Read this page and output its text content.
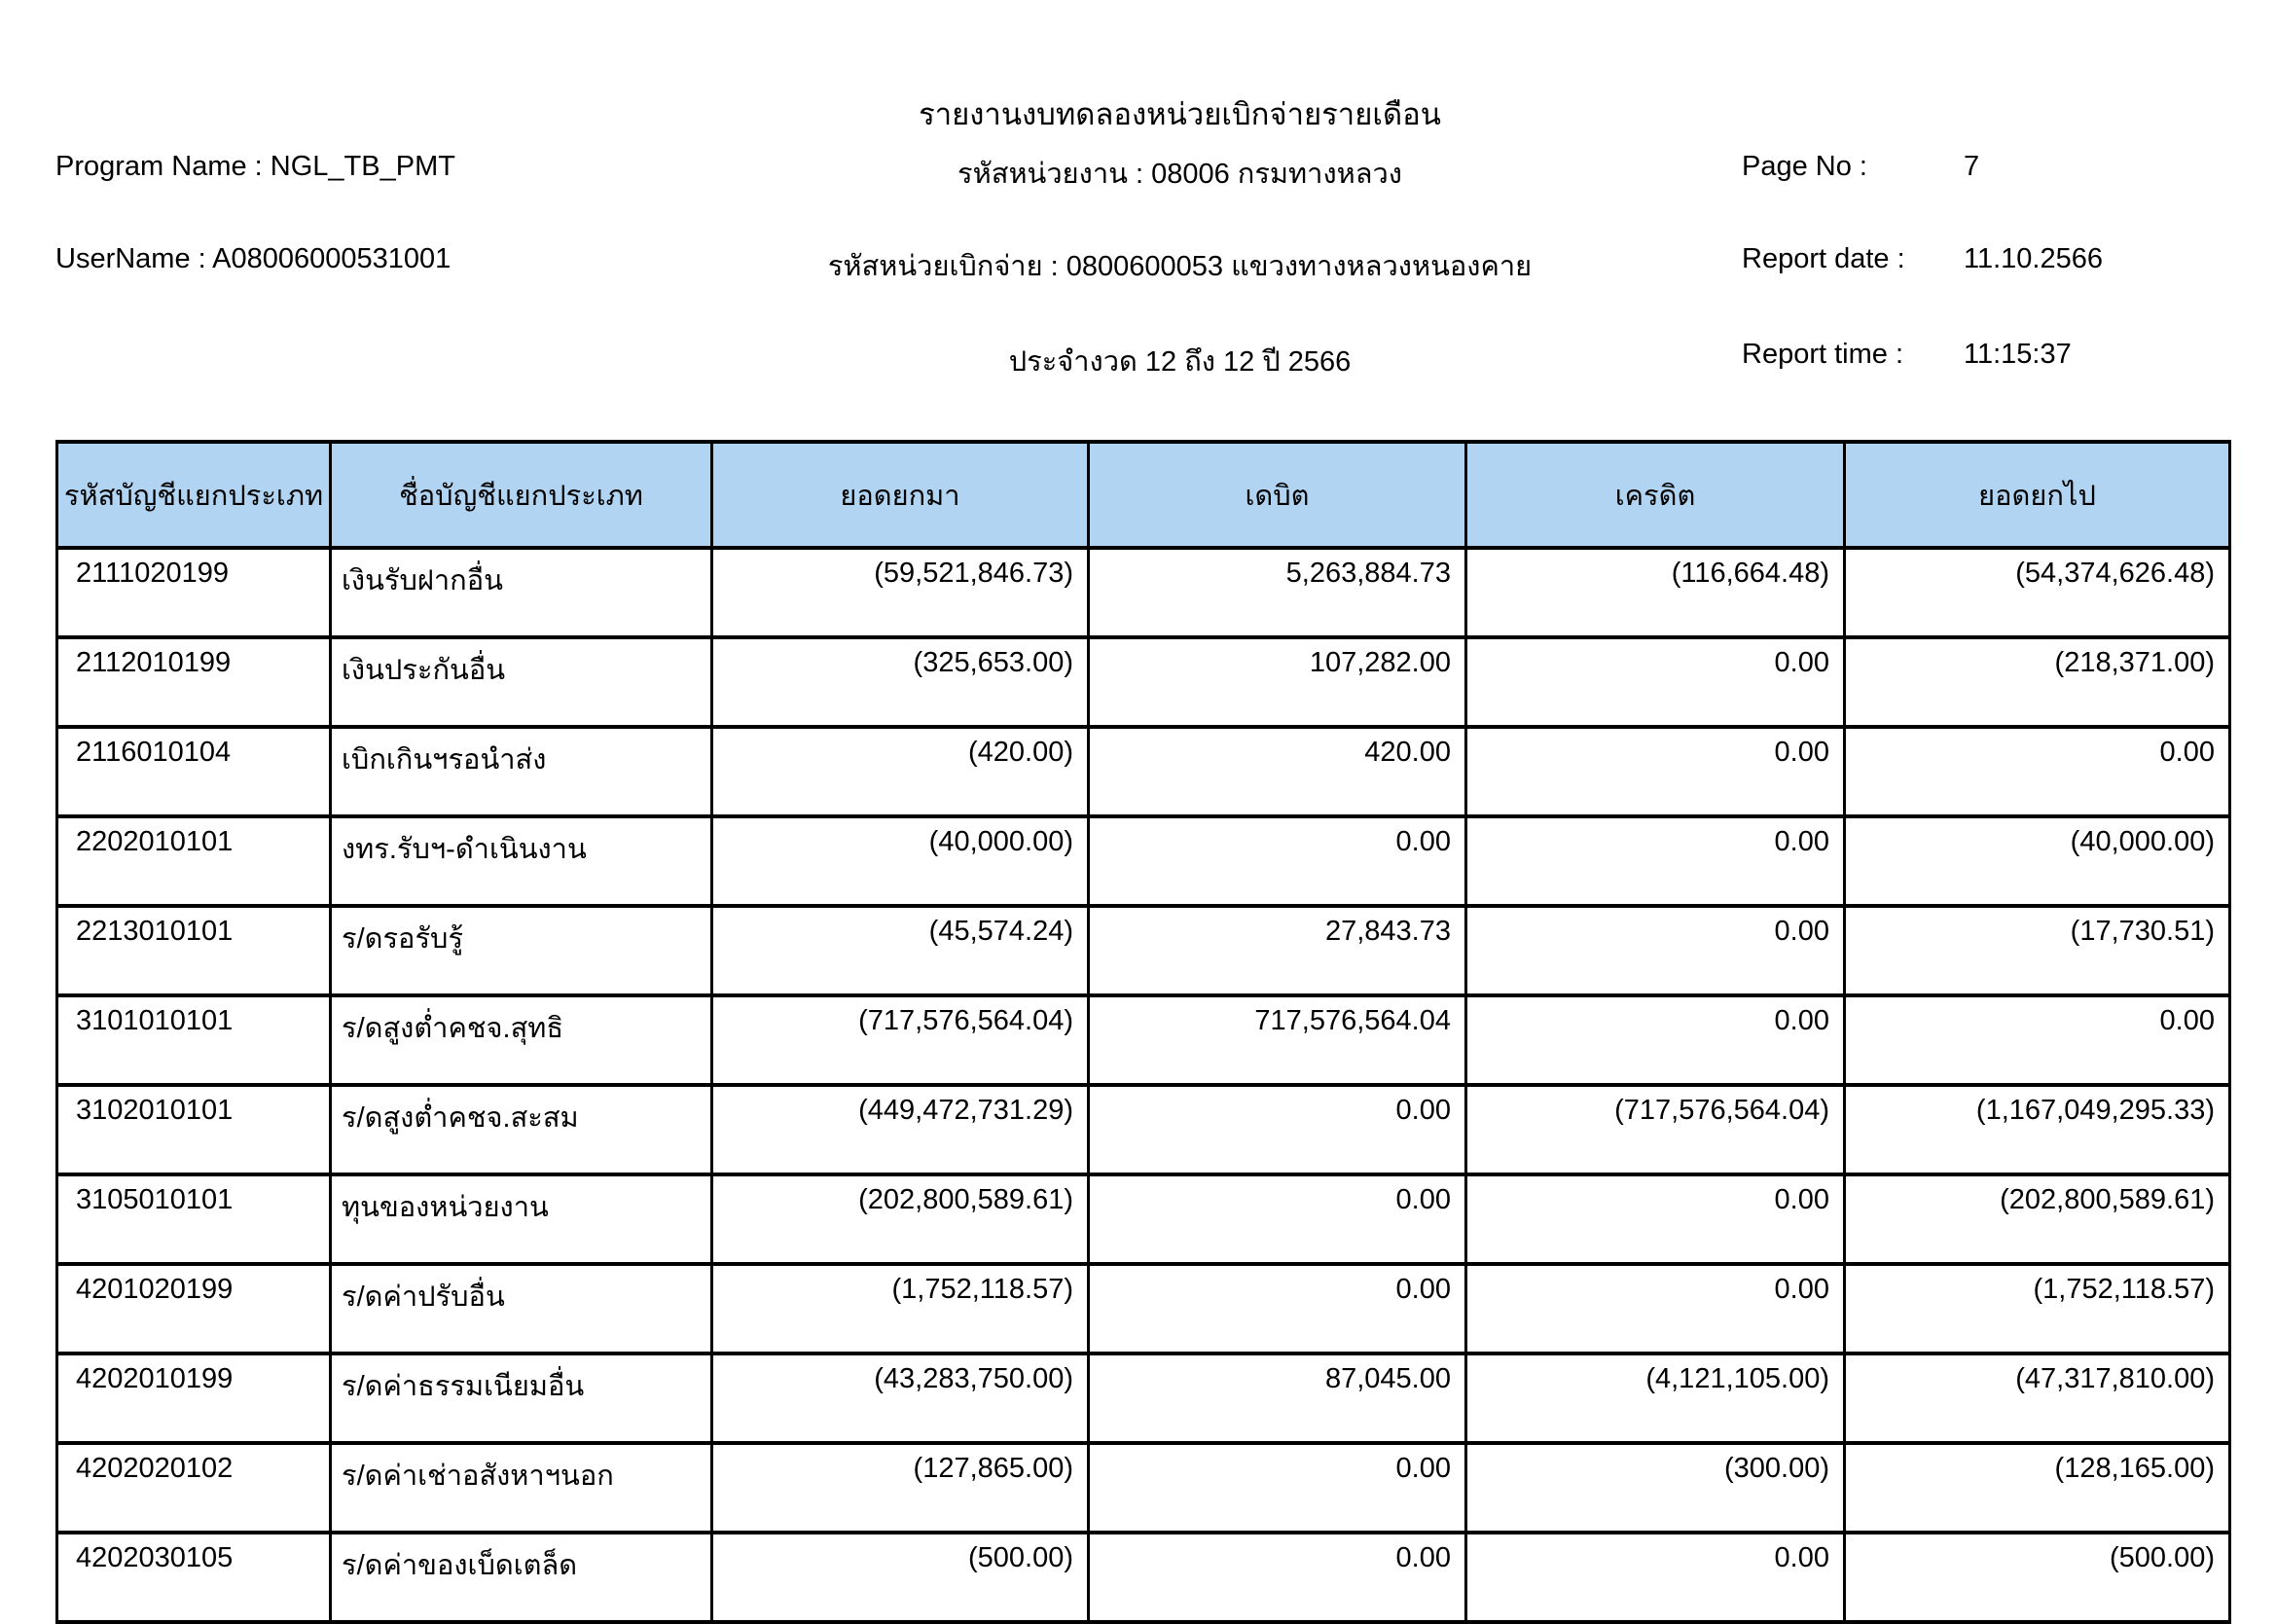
รายงานงบทดลองหน่วยเบิกจ่ายรายเดือน
Program Name : NGL_TB_PMT	รหัสหน่วยงาน : 08006 กรมทางหลวง	Page No :	7
UserName : A08006000531001	รหัสหน่วยเบิกจ่าย : 0800600053 แขวงทางหลวงหนองคาย	Report date : 11.10.2566
ประจำงวด 12 ถึง 12 ปี 2566	Report time : 11:15:37
รหัสบัญชีแยกประเภท	ชื่อบัญชีแยกประเภท	ยอดยกมา	เดบิต	เครดิต	ยอดยกไป
2111020199	เงินรับฝากอื่น	(59,521,846.73)	5,263,884.73	(116,664.48)	(54,374,626.48)
2112010199	เงินประกันอื่น	(325,653.00)	107,282.00	0.00	(218,371.00)
2116010104	เบิกเกินฯรอนำส่ง	(420.00)	420.00	0.00	0.00
2202010101	งทร.รับฯ-ดำเนินงาน	(40,000.00)	0.00	0.00	(40,000.00)
2213010101	ร/ดรอรับรู้	(45,574.24)	27,843.73	0.00	(17,730.51)
3101010101	ร/ดสูงต่ำคชจ.สุทธิ	(717,576,564.04)	717,576,564.04	0.00	0.00
3102010101	ร/ดสูงต่ำคชจ.สะสม	(449,472,731.29)	0.00	(717,576,564.04)	(1,167,049,295.33)
3105010101	ทุนของหน่วยงาน	(202,800,589.61)	0.00	0.00	(202,800,589.61)
4201020199	ร/ดค่าปรับอื่น	(1,752,118.57)	0.00	0.00	(1,752,118.57)
4202010199	ร/ดค่าธรรมเนียมอื่น	(43,283,750.00)	87,045.00	(4,121,105.00)	(47,317,810.00)
4202020102	ร/ดค่าเช่าอสังหาฯนอก	(127,865.00)	0.00	(300.00)	(128,165.00)
4202030105	ร/ดค่าของเบ็ดเตล็ด	(500.00)	0.00	0.00	(500.00)
